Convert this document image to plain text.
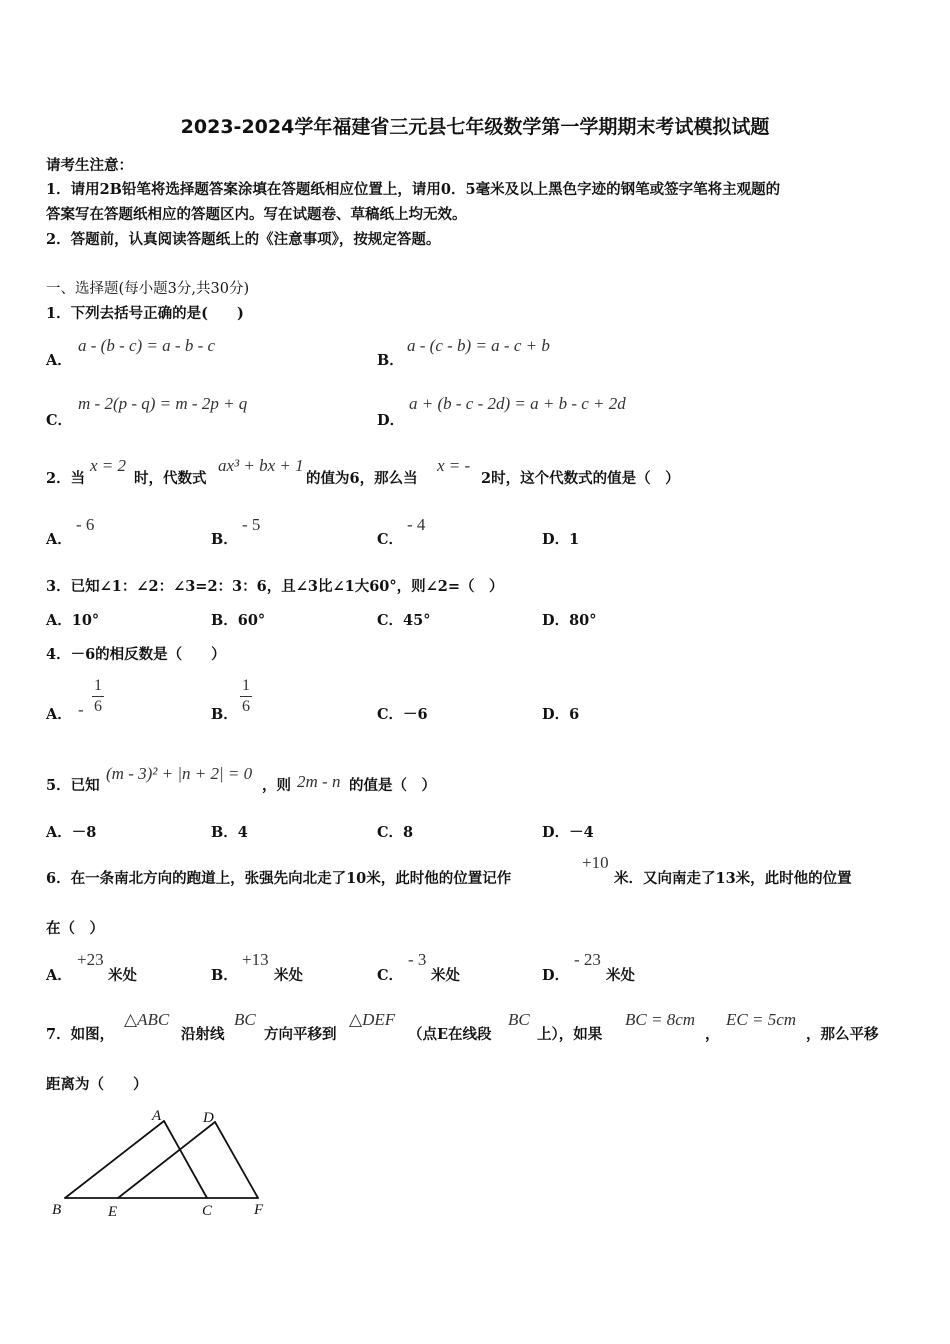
2023-2024学年福建省三元县七年级数学第一学期期末考试模拟试题
请考生注意：
1．请用2B铅笔将选择题答案涂填在答题纸相应位置上，请用0．5毫米及以上黑色字迹的钢笔或签字笔将主观题的
答案写在答题纸相应的答题区内。写在试题卷、草稿纸上均无效。
2．答题前，认真阅读答题纸上的《注意事项》，按规定答题。
一、选择题(每小题3分,共30分)
1．下列去括号正确的是(　　)
A．
a - (b - c) = a - b - c
B．
a - (c - b) = a - c + b
C．
m - 2(p - q) = m - 2p + q
D．
a + (b - c - 2d) = a + b - c + 2d
2．当
x = 2
时，代数式
ax³ + bx + 1
的值为6，那么当
x = -
2时，这个代数式的值是（　）
A．
- 6
B．
- 5
C．
- 4
D．1
3．已知∠1：∠2：∠3=2：3：6，且∠3比∠1大60°，则∠2=（　）
A．10°	B．60°	C．45°	D．80°
4．－6的相反数是（　　）
A． - $\frac{1}{6}$	B． $\frac{1}{6}$	C．－6	D．6
5．已知
(m - 3)² + |n + 2| = 0
，则 2m - n 的值是（　）
A．－8	B．4	C．8	D．－4
6．在一条南北方向的跑道上，张强先向北走了10米，此时他的位置记作
+10
米．又向南走了13米，此时他的位置
在（　）
A．
+23
米处	B．
+13
米处	C．
- 3
米处	D．
- 23
米处
7．如图，
△ABC
沿射线
BC
方向平移到
△DEF
（点E在线段
BC
上），如果
BC = 8cm
，
EC = 5cm
，那么平移
距离为（　　）
A	D
B	E	C	F
